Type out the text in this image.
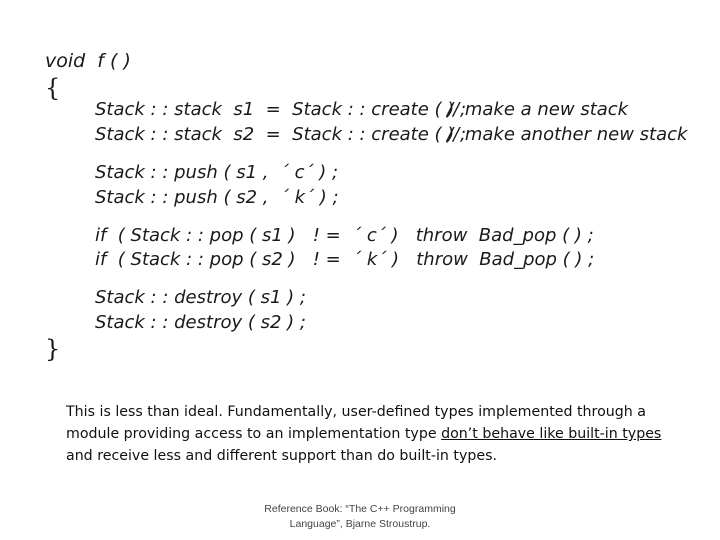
void  f ( )
{
Stack : : stack  s1  =  Stack : : create ( ) ;
// make a new stack
Stack : : stack  s2  =  Stack : : create ( ) ;
// make another new stack
Stack : : push ( s1 ,  ´ c´ ) ;
Stack : : push ( s2 ,  ´ k´ ) ;
if  ( Stack : : pop ( s1 )   ! =  ´ c´ )   throw  Bad_pop ( ) ;
if  ( Stack : : pop ( s2 )   ! =  ´ k´ )   throw  Bad_pop ( ) ;
Stack : : destroy ( s1 ) ;
Stack : : destroy ( s2 ) ;
}
This is less than ideal. Fundamentally, user-defined types implemented through a module providing access to an implementation type don’t behave like built-in types and receive less and different support than do built-in types.
Reference Book: “The C++ Programming
Language”, Bjarne Stroustrup.
